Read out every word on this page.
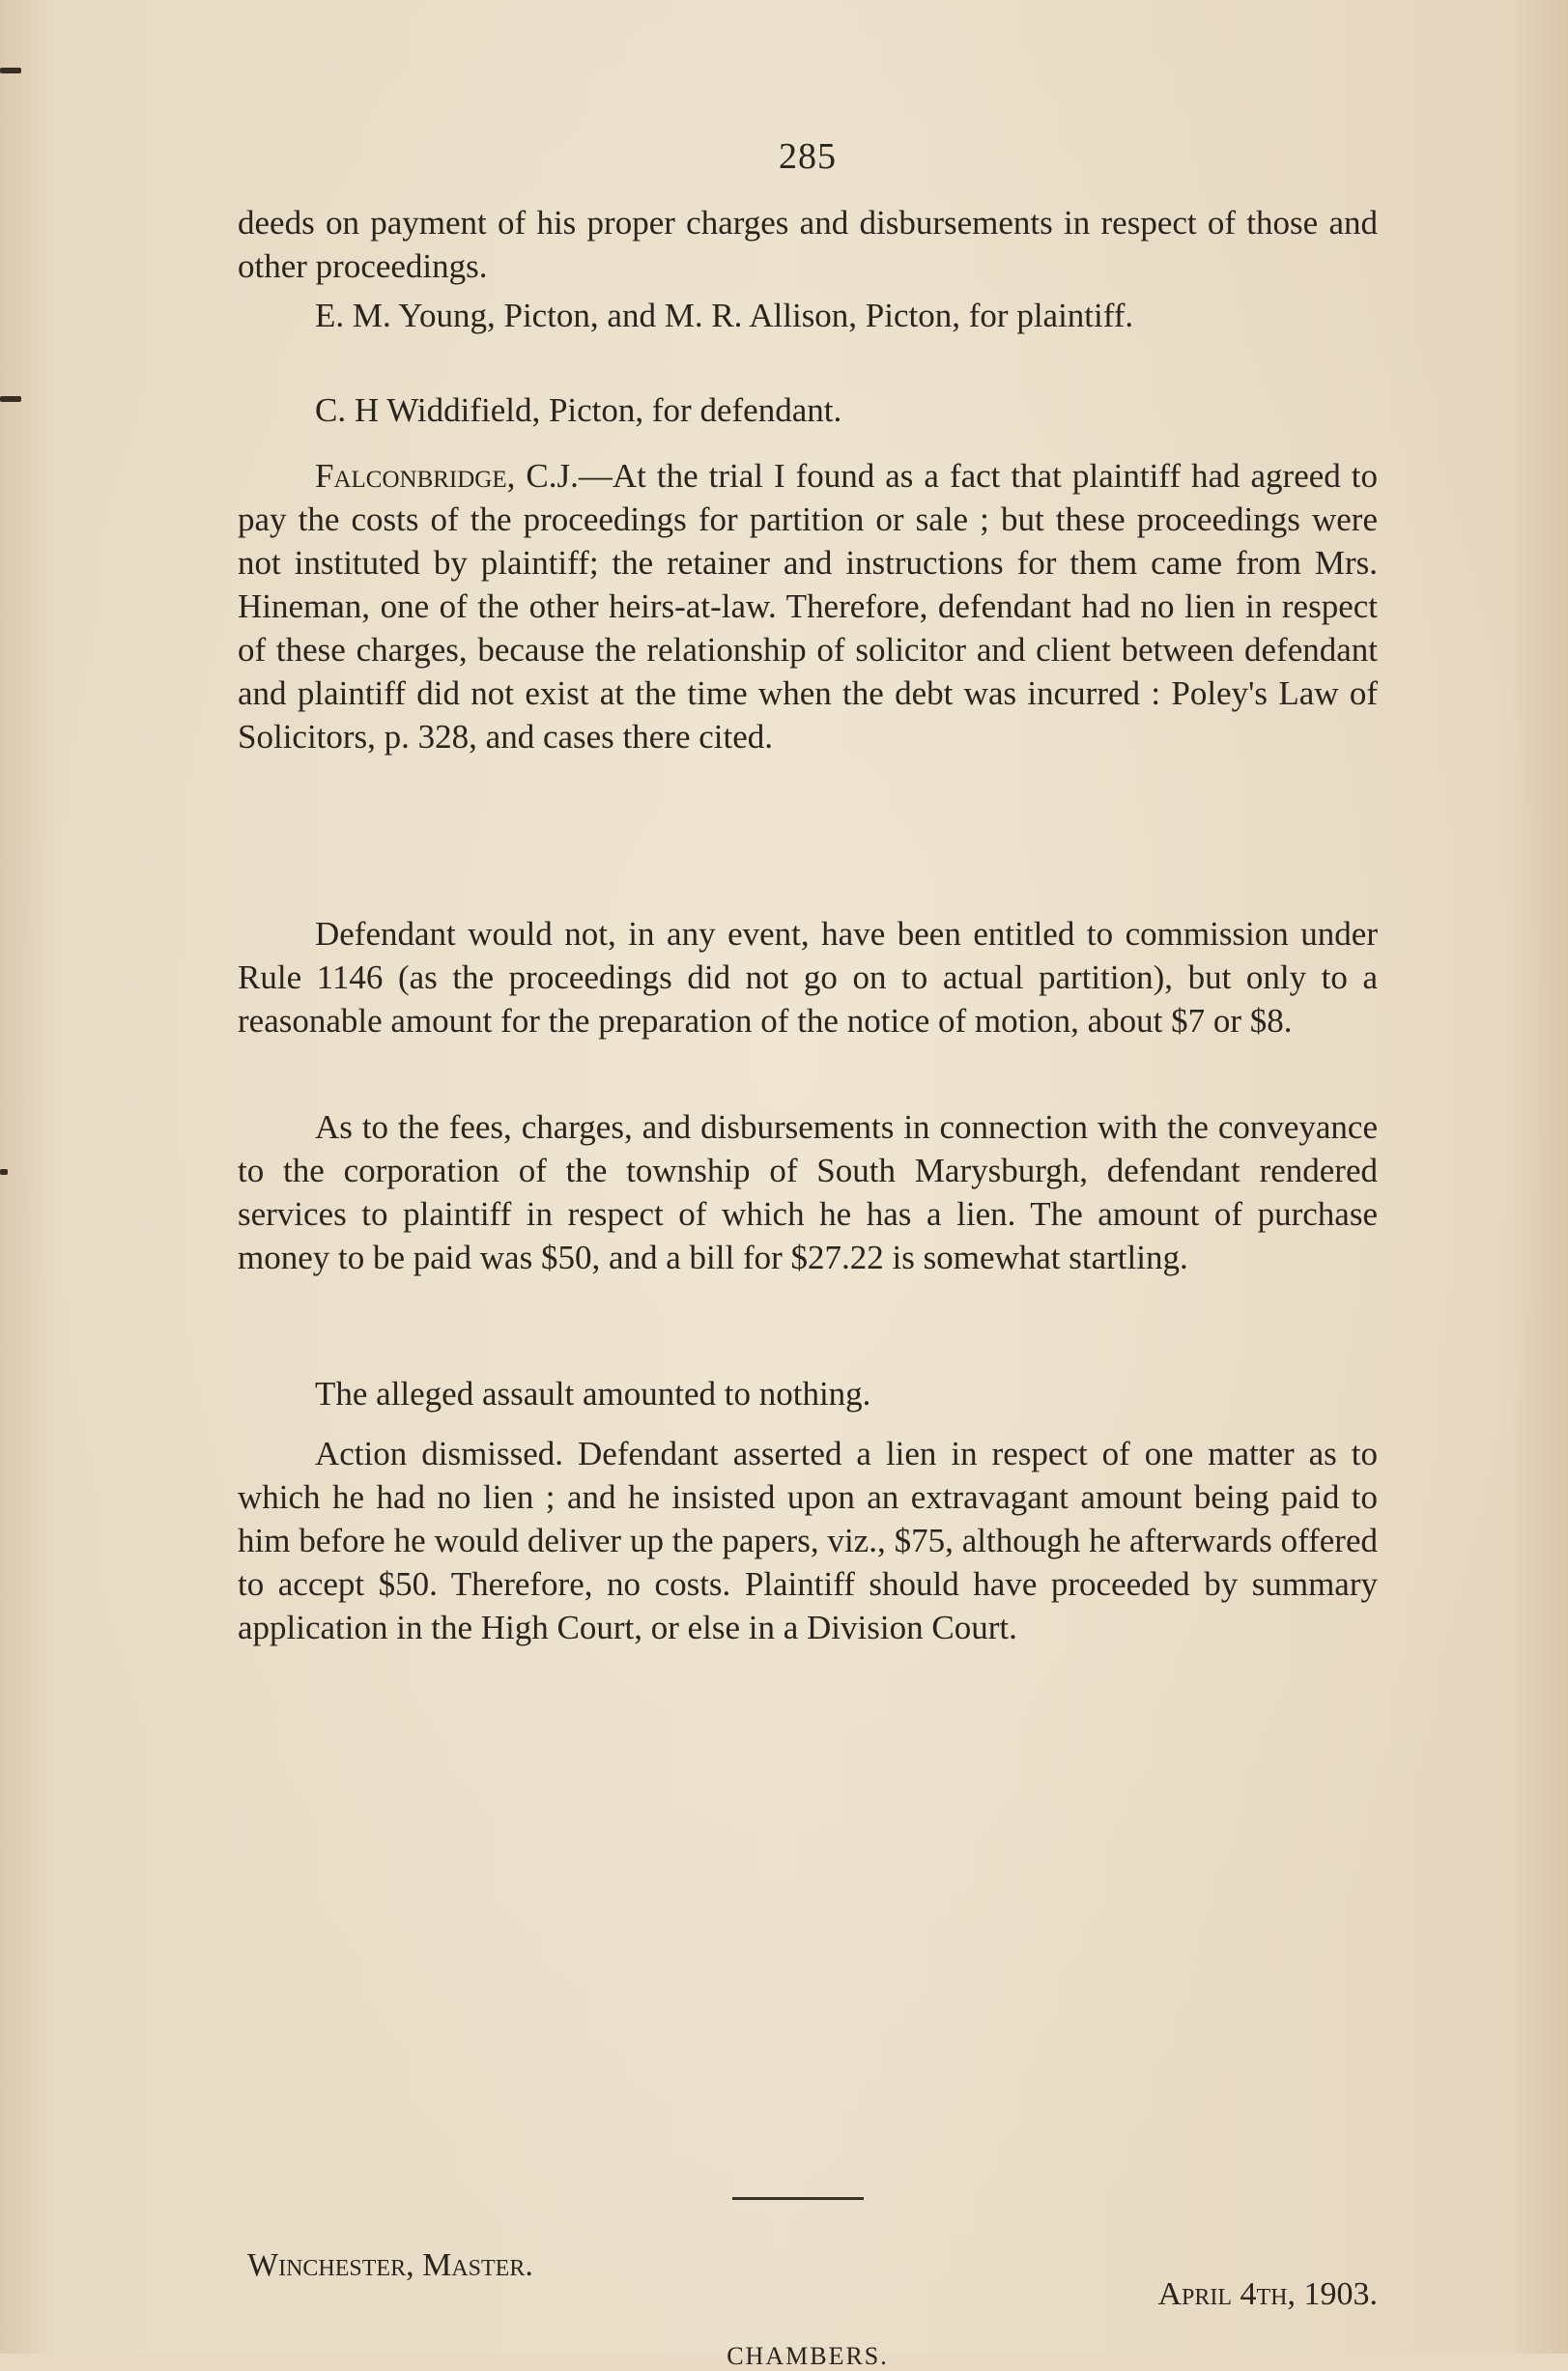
285

deeds on payment of his proper charges and disbursements in respect of those and other proceedings.

E. M. Young, Picton, and M. R. Allison, Picton, for plaintiff.

C. H Widdifield, Picton, for defendant.

Falconbridge, C.J.—At the trial I found as a fact that plaintiff had agreed to pay the costs of the proceedings for partition or sale ; but these proceedings were not instituted by plaintiff; the retainer and instructions for them came from Mrs. Hineman, one of the other heirs-at-law. Therefore, defendant had no lien in respect of these charges, because the relationship of solicitor and client between defendant and plaintiff did not exist at the time when the debt was incurred : Poley's Law of Solicitors, p. 328, and cases there cited.

Defendant would not, in any event, have been entitled to commission under Rule 1146 (as the proceedings did not go on to actual partition), but only to a reasonable amount for the preparation of the notice of motion, about $7 or $8.

As to the fees, charges, and disbursements in connection with the conveyance to the corporation of the township of South Marysburgh, defendant rendered services to plaintiff in respect of which he has a lien. The amount of purchase money to be paid was $50, and a bill for $27.22 is somewhat startling.

The alleged assault amounted to nothing.

Action dismissed. Defendant asserted a lien in respect of one matter as to which he had no lien ; and he insisted upon an extravagant amount being paid to him before he would deliver up the papers, viz., $75, although he afterwards offered to accept $50. Therefore, no costs. Plaintiff should have proceeded by summary application in the High Court, or else in a Division Court.

Winchester, Master.
April 4th, 1903.
CHAMBERS.
